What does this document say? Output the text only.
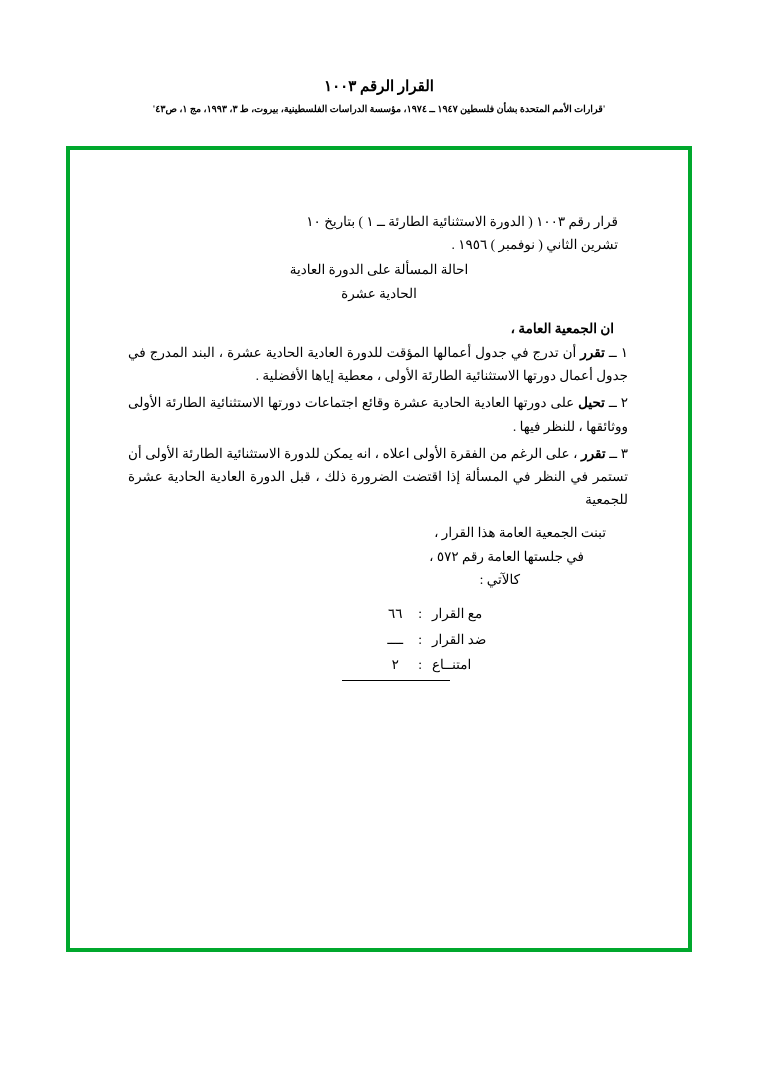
القرار الرقم ١٠٠٣
'قرارات الأمم المتحدة بشأن فلسطين ١٩٤٧ ــ ١٩٧٤، مؤسسة الدراسات الفلسطينية، بيروت، ط ٣، ١٩٩٣، مج ١، ص٤٣'
قرار رقم ١٠٠٣ ( الدورة الاستثنائية الطارئة ــ ١ ) بتاريخ ١٠
تشرين الثاني ( نوفمبر ) ١٩٥٦ .
احالة المسألة على الدورة العادية
الحادية عشرة
ان الجمعية العامة ،
١ ــ تقرر أن تدرج في جدول أعمالها المؤقت للدورة العادية الحادية عشرة ، البند المدرج في جدول أعمال دورتها الاستثنائية الطارئة الأولى ، معطية إياها الأفضلية .
٢ ــ تحيل على دورتها العادية الحادية عشرة وقائع اجتماعات دورتها الاستثنائية الطارئة الأولى ووثائقها ، للنظر فيها .
٣ ــ تقرر ، على الرغم من الفقرة الأولى اعلاه ، انه يمكن للدورة الاستثنائية الطارئة الأولى أن تستمر في النظر في المسألة إذا اقتضت الضرورة ذلك ، قبل الدورة العادية الحادية عشرة للجمعية
تبنت الجمعية العامة هذا القرار ،
في جلستها العامة رقم ٥٧٢ ،
كالآتي :
مع القرار
:
٦٦
ضد القرار
:
ــــ
امتنــاع
:
٢
